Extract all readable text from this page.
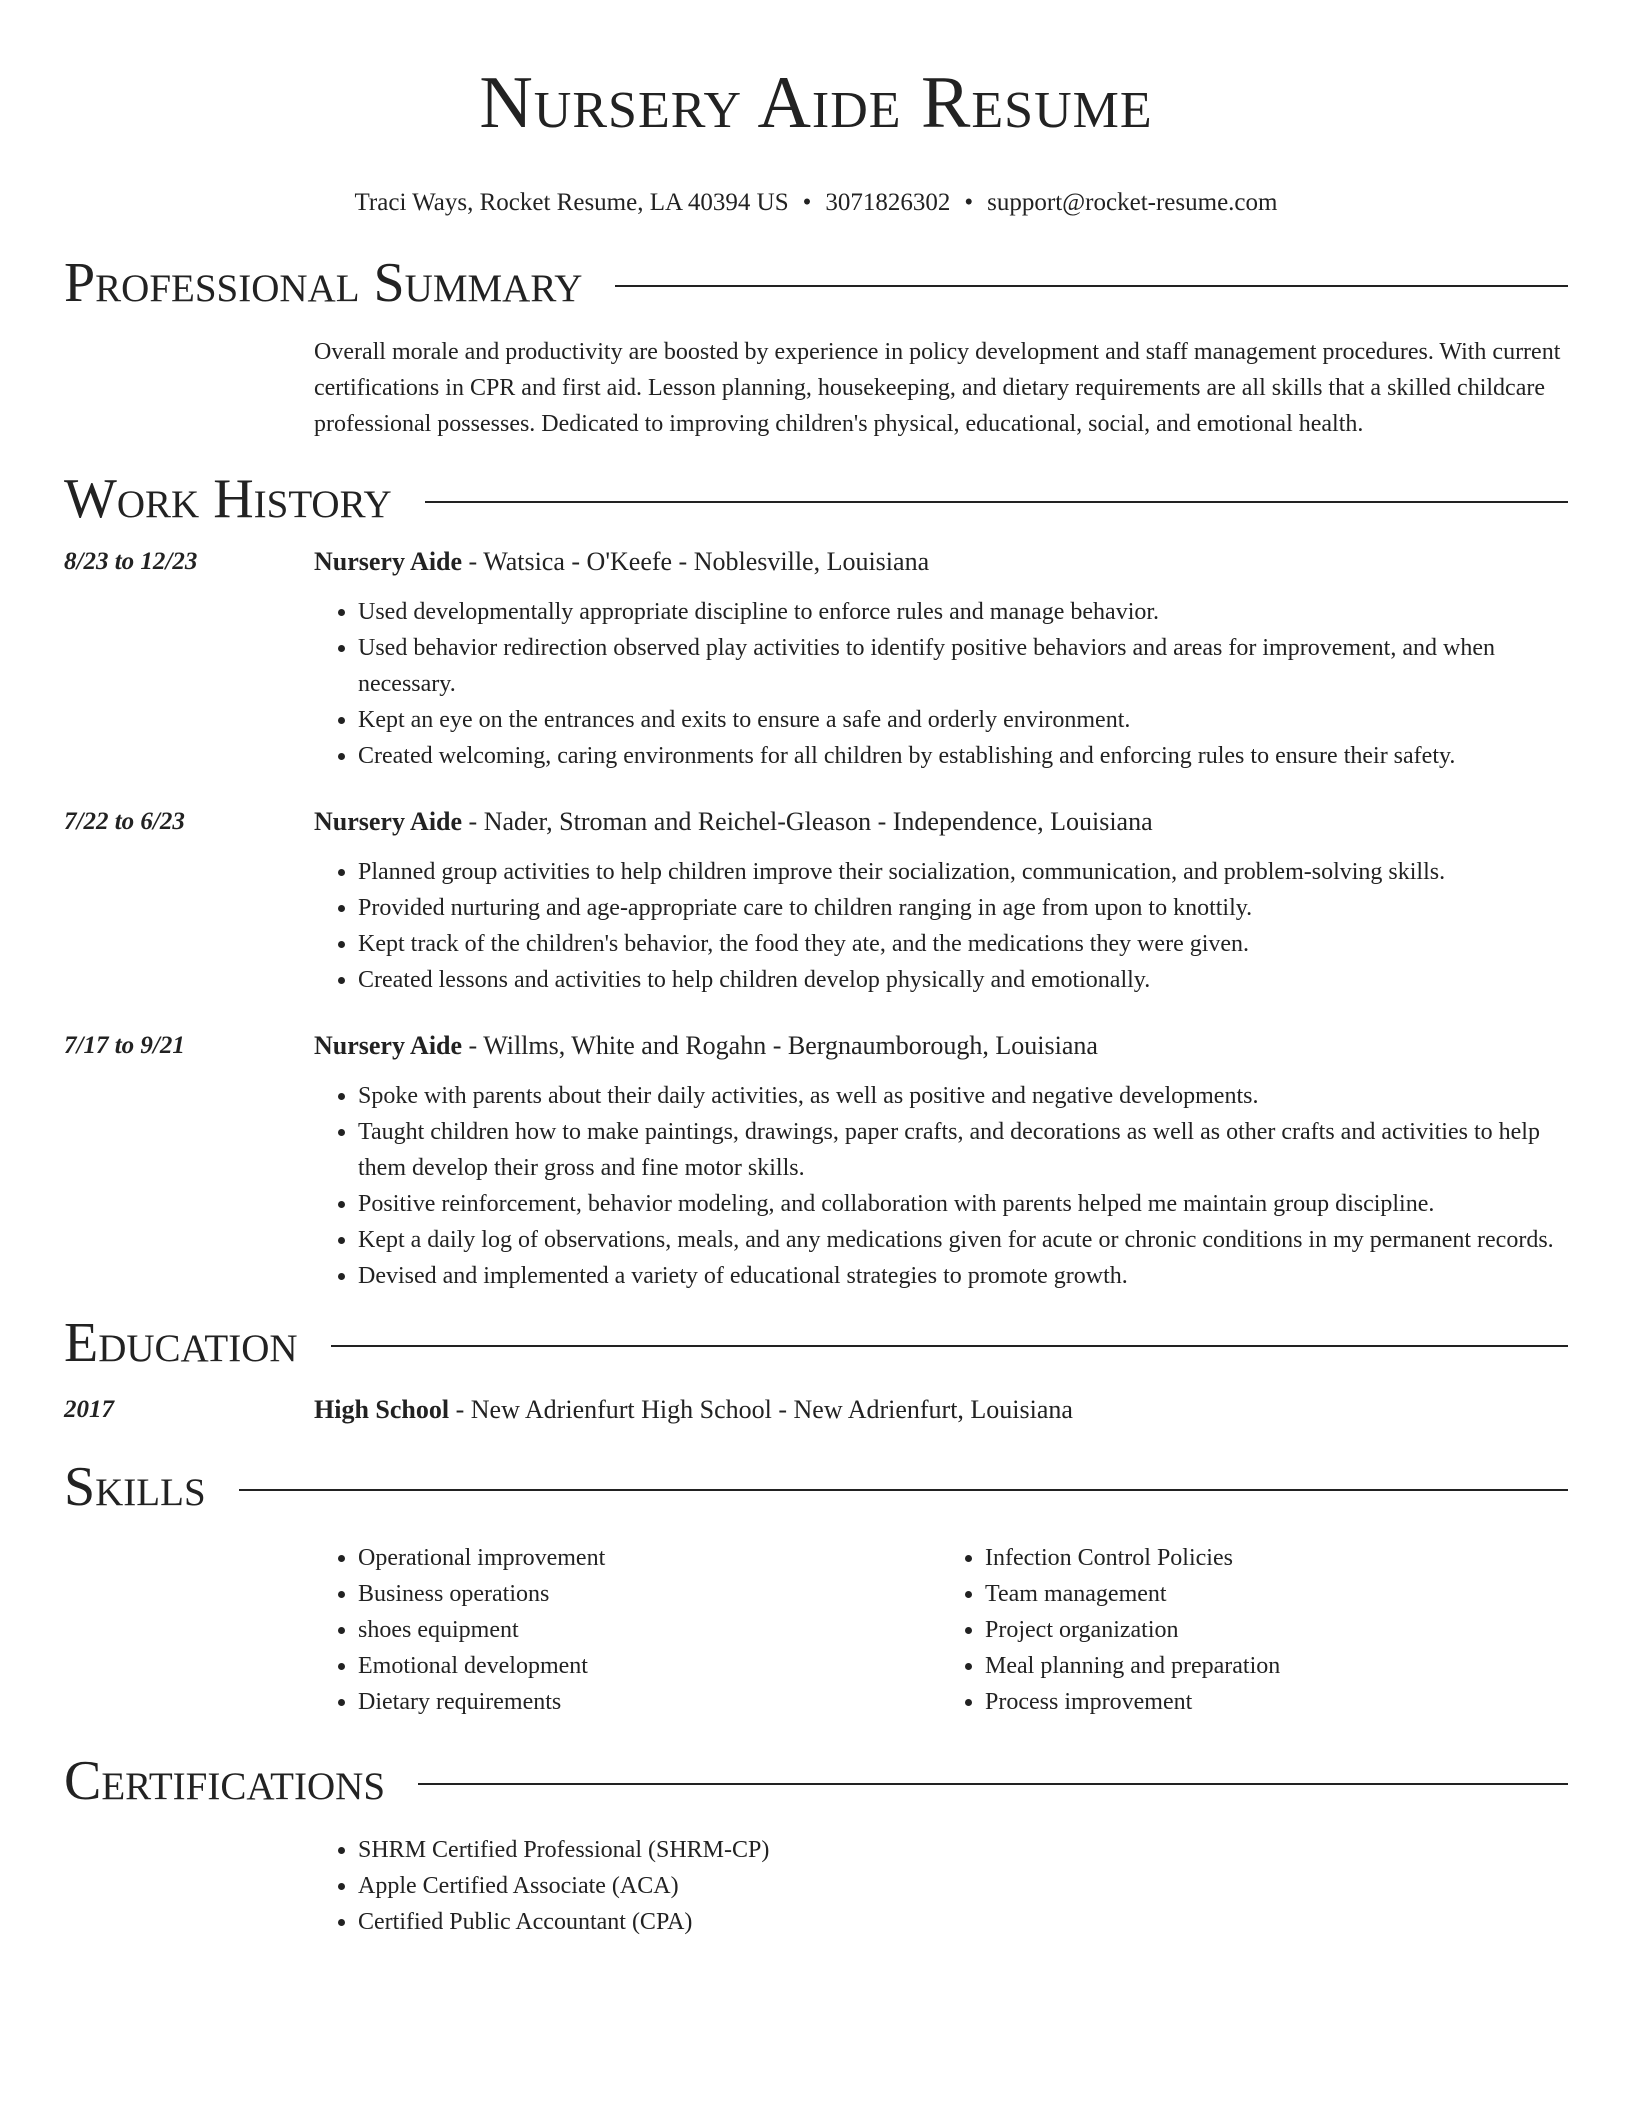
Nursery Aide Resume
Traci Ways, Rocket Resume, LA 40394 US • 3071826302 • support@rocket-resume.com
Professional Summary
Overall morale and productivity are boosted by experience in policy development and staff management procedures. With current certifications in CPR and first aid. Lesson planning, housekeeping, and dietary requirements are all skills that a skilled childcare professional possesses. Dedicated to improving children's physical, educational, social, and emotional health.
Work History
8/23 to 12/23	Nursery Aide - Watsica - O'Keefe - Noblesville, Louisiana
• Used developmentally appropriate discipline to enforce rules and manage behavior.
• Used behavior redirection observed play activities to identify positive behaviors and areas for improvement, and when necessary.
• Kept an eye on the entrances and exits to ensure a safe and orderly environment.
• Created welcoming, caring environments for all children by establishing and enforcing rules to ensure their safety.
7/22 to 6/23	Nursery Aide - Nader, Stroman and Reichel-Gleason - Independence, Louisiana
• Planned group activities to help children improve their socialization, communication, and problem-solving skills.
• Provided nurturing and age-appropriate care to children ranging in age from upon to knottily.
• Kept track of the children's behavior, the food they ate, and the medications they were given.
• Created lessons and activities to help children develop physically and emotionally.
7/17 to 9/21	Nursery Aide - Willms, White and Rogahn - Bergnaumborough, Louisiana
• Spoke with parents about their daily activities, as well as positive and negative developments.
• Taught children how to make paintings, drawings, paper crafts, and decorations as well as other crafts and activities to help them develop their gross and fine motor skills.
• Positive reinforcement, behavior modeling, and collaboration with parents helped me maintain group discipline.
• Kept a daily log of observations, meals, and any medications given for acute or chronic conditions in my permanent records.
• Devised and implemented a variety of educational strategies to promote growth.
Education
2017	High School - New Adrienfurt High School - New Adrienfurt, Louisiana
Skills
• Operational improvement
• Business operations
• shoes equipment
• Emotional development
• Dietary requirements
• Infection Control Policies
• Team management
• Project organization
• Meal planning and preparation
• Process improvement
Certifications
• SHRM Certified Professional (SHRM-CP)
• Apple Certified Associate (ACA)
• Certified Public Accountant (CPA)
